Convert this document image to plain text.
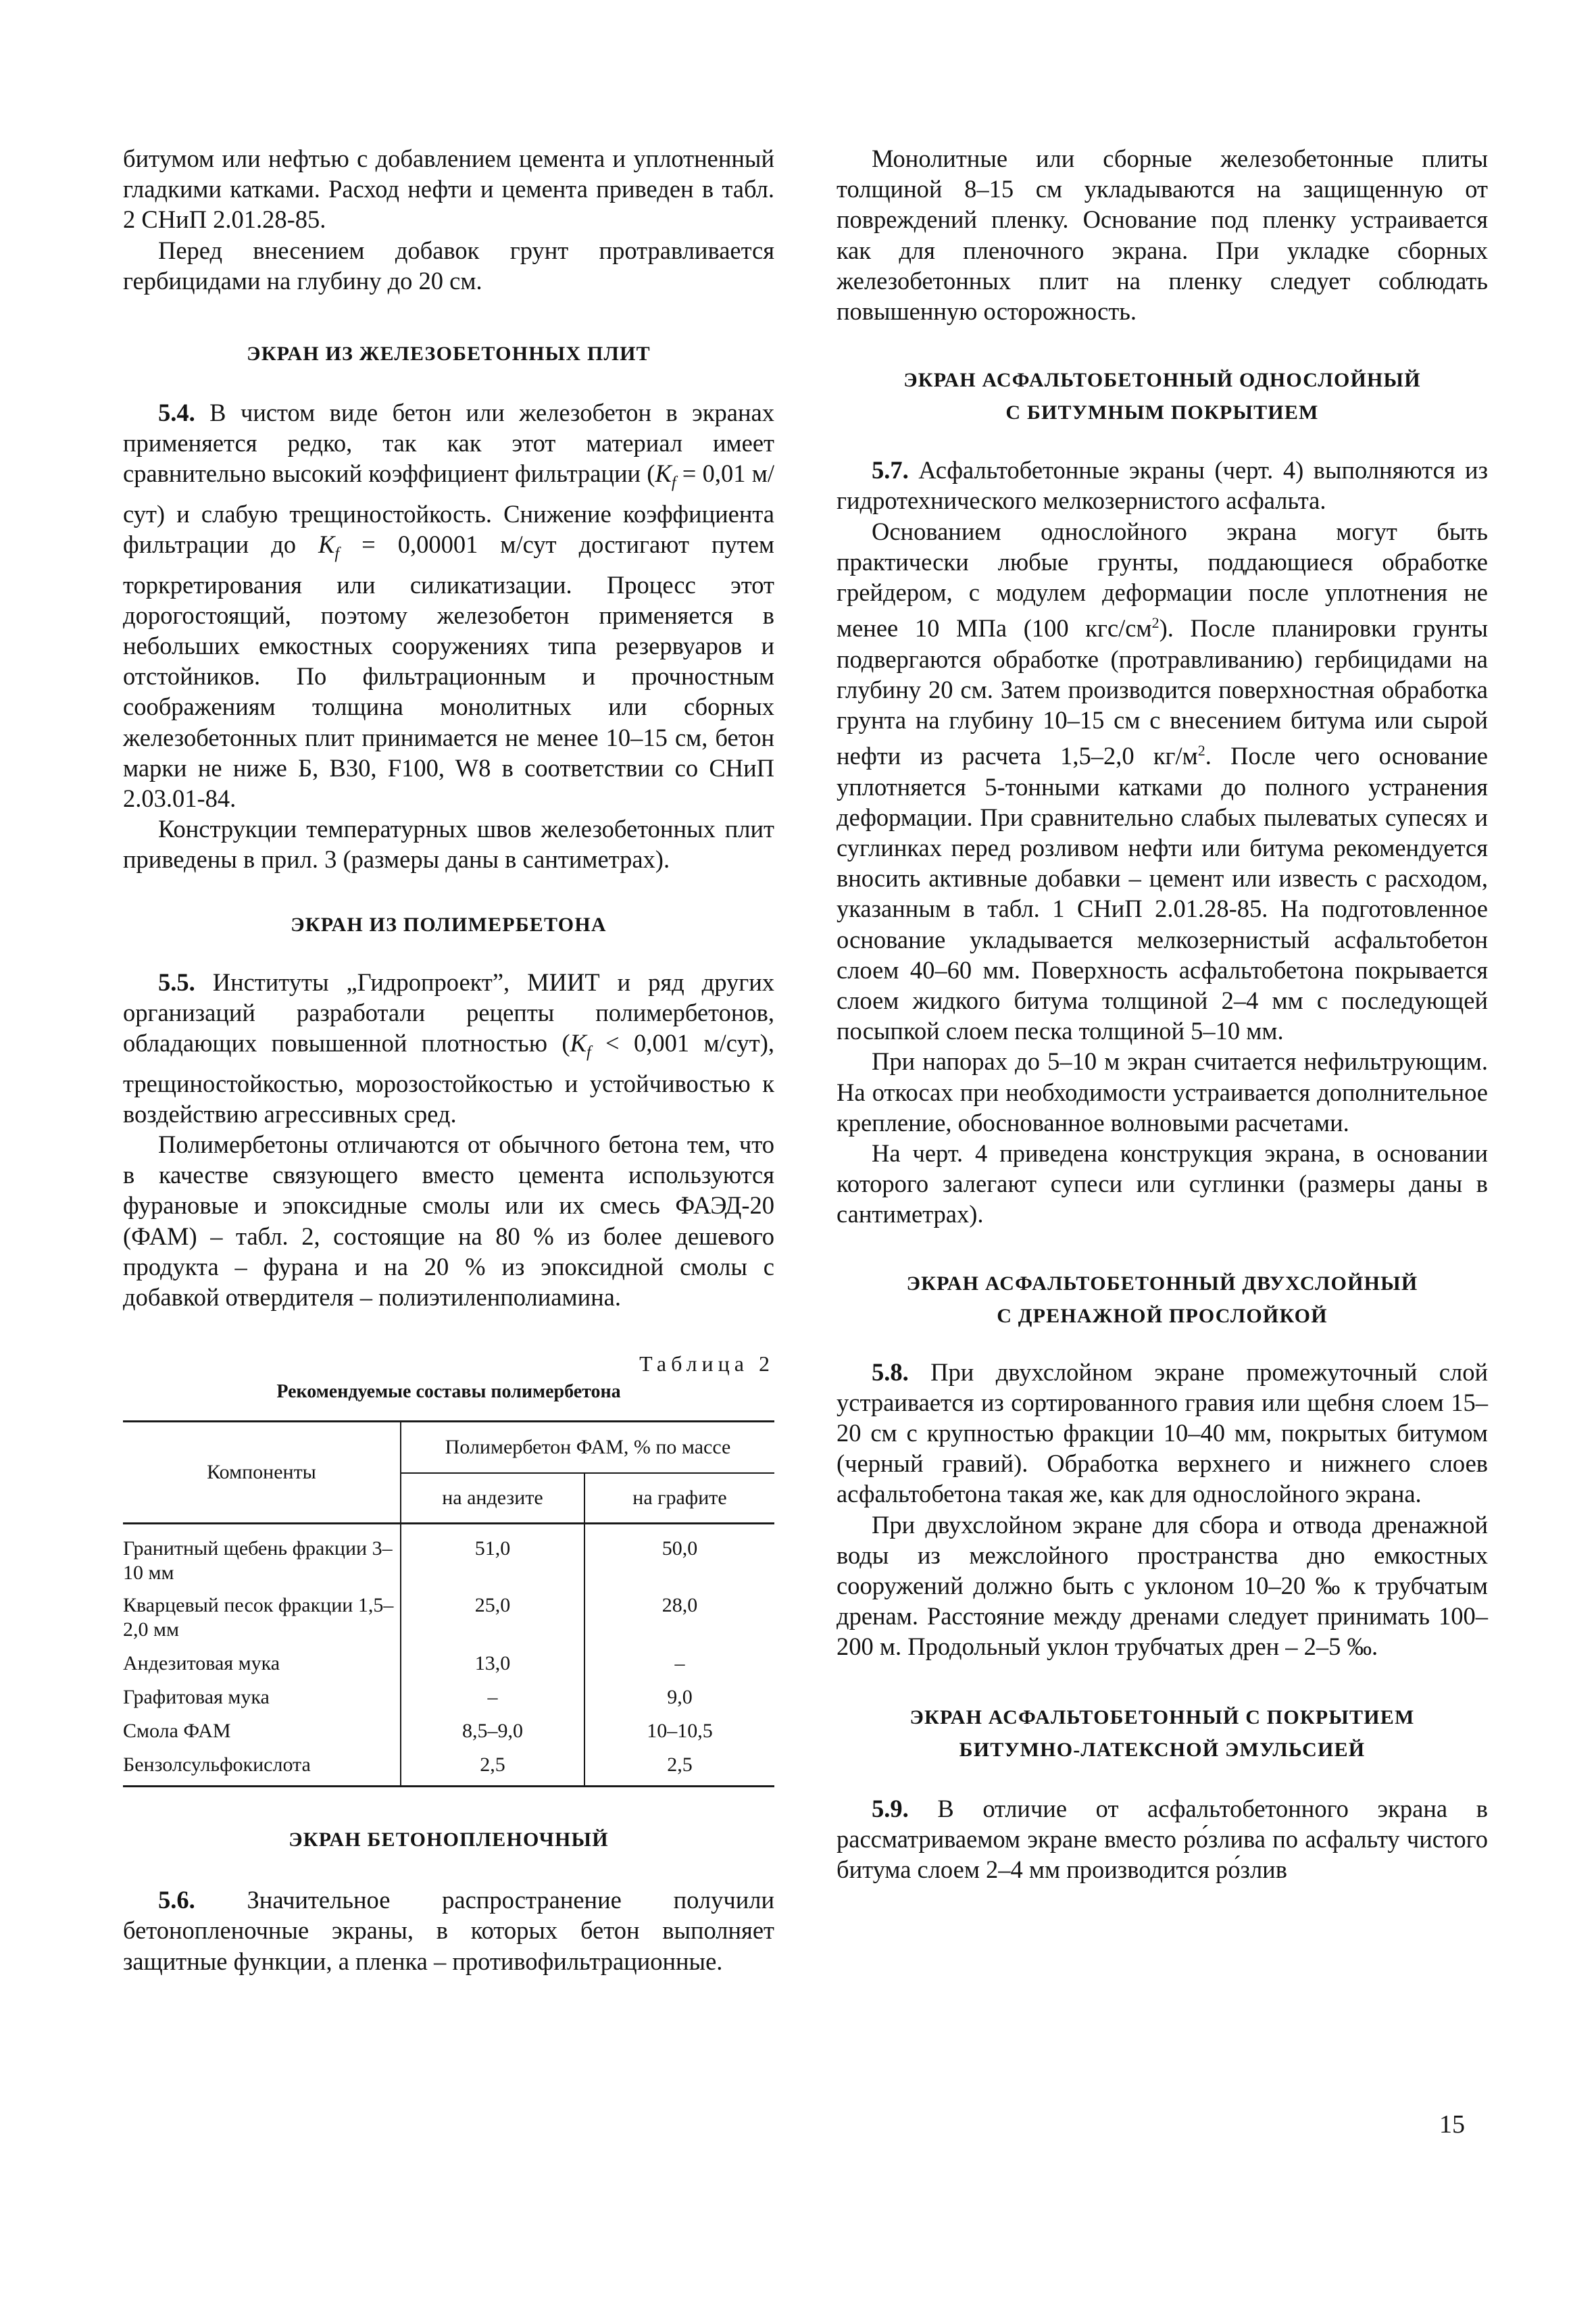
битумом или нефтью с добавлением цемента и уплотненный гладкими катками. Расход нефти и цемента приведен в табл. 2 СНиП 2.01.28-85.

Перед внесением добавок грунт протравливается гербицидами на глубину до 20 см.

ЭКРАН ИЗ ЖЕЛЕЗОБЕТОННЫХ ПЛИТ

5.4. В чистом виде бетон или железобетон в экранах применяется редко, так как этот материал имеет сравнительно высокий коэффициент фильтрации ($K_f = 0,01$ м/сут) и слабую трещиностойкость. Снижение коэффициента фильтрации до $K_f = 0,00001$ м/сут достигают путем торкретирования или силикатизации. Процесс этот дорогостоящий, поэтому железобетон применяется в небольших емкостных сооружениях типа резервуаров и отстойников. По фильтрационным и прочностным соображениям толщина монолитных или сборных железобетонных плит принимается не менее 10–15 см, бетон марки не ниже Б, В30, F100, W8 в соответствии со СНиП 2.03.01-84.

Конструкции температурных швов железобетонных плит приведены в прил. 3 (размеры даны в сантиметрах).

ЭКРАН ИЗ ПОЛИМЕРБЕТОНА

5.5. Институты „Гидропроект”, МИИТ и ряд других организаций разработали рецепты полимербетонов, обладающих повышенной плотностью ($K_f < 0,001$ м/сут), трещиностойкостью, морозостойкостью и устойчивостью к воздействию агрессивных сред.

Полимербетоны отличаются от обычного бетона тем, что в качестве связующего вместо цемента используются фурановые и эпоксидные смолы или их смесь ФАЭД-20 (ФАМ) – табл. 2, состоящие на 80 % из более дешевого продукта – фурана и на 20 % из эпоксидной смолы с добавкой отвердителя – полиэтиленполиамина.

Таблица 2
Рекомендуемые составы полимербетона
Компоненты	Полимербетон ФАМ, % по массе	
	на андезите	на графите
Гранитный щебень фракции 3–10 мм	51,0	50,0
Кварцевый песок фракции 1,5–2,0 мм	25,0	28,0
Андезитовая мука	13,0	–
Графитовая мука	–	9,0
Смола ФАМ	8,5–9,0	10–10,5
Бензолсульфокислота	2,5	2,5
ЭКРАН БЕТОНОПЛЕНОЧНЫЙ

5.6. Значительное распространение получили бетонопленочные экраны, в которых бетон выполняет защитные функции, а пленка – противофильтрационные.

Монолитные или сборные железобетонные плиты толщиной 8–15 см укладываются на защищенную от повреждений пленку. Основание под пленку устраивается как для пленочного экрана. При укладке сборных железобетонных плит на пленку следует соблюдать повышенную осторожность.

ЭКРАН АСФАЛЬТОБЕТОННЫЙ ОДНОСЛОЙНЫЙ
С БИТУМНЫМ ПОКРЫТИЕМ

5.7. Асфальтобетонные экраны (черт. 4) выполняются из гидротехнического мелкозернистого асфальта.

Основанием однослойного экрана могут быть практически любые грунты, поддающиеся обработке грейдером, с модулем деформации после уплотнения не менее 10 МПа (100 кгс/$см^2$). После планировки грунты подвергаются обработке (протравливанию) гербицидами на глубину 20 см. Затем производится поверхностная обработка грунта на глубину 10–15 см с внесением битума или сырой нефти из расчета 1,5–2,0 $кг/м^2$. После чего основание уплотняется 5-тонными катками до полного устранения деформации. При сравнительно слабых пылеватых супесях и суглинках перед розливом нефти или битума рекомендуется вносить активные добавки – цемент или известь с расходом, указанным в табл. 1 СНиП 2.01.28-85. На подготовленное основание укладывается мелкозернистый асфальтобетон слоем 40–60 мм. Поверхность асфальтобетона покрывается слоем жидкого битума толщиной 2–4 мм с последующей посыпкой слоем песка толщиной 5–10 мм.

При напорах до 5–10 м экран считается нефильтрующим. На откосах при необходимости устраивается дополнительное крепление, обоснованное волновыми расчетами.

На черт. 4 приведена конструкция экрана, в основании которого залегают супеси или суглинки (размеры даны в сантиметрах).

ЭКРАН АСФАЛЬТОБЕТОННЫЙ ДВУХСЛОЙНЫЙ
С ДРЕНАЖНОЙ ПРОСЛОЙКОЙ

5.8. При двухслойном экране промежуточный слой устраивается из сортированного гравия или щебня слоем 15–20 см с крупностью фракции 10–40 мм, покрытых битумом (черный гравий). Обработка верхнего и нижнего слоев асфальтобетона такая же, как для однослойного экрана.

При двухслойном экране для сбора и отвода дренажной воды из межслойного пространства дно емкостных сооружений должно быть с уклоном 10–20 ‰ к трубчатым дренам. Расстояние между дренами следует принимать 100–200 м. Продольный уклон трубчатых дрен – 2–5 ‰.

ЭКРАН АСФАЛЬТОБЕТОННЫЙ С ПОКРЫТИЕМ
БИТУМНО-ЛАТЕКСНОЙ ЭМУЛЬСИЕЙ

5.9. В отличие от асфальтобетонного экрана в рассматриваемом экране вместо ро́злива по асфальту чистого битума слоем 2–4 мм производится ро́злив

15
